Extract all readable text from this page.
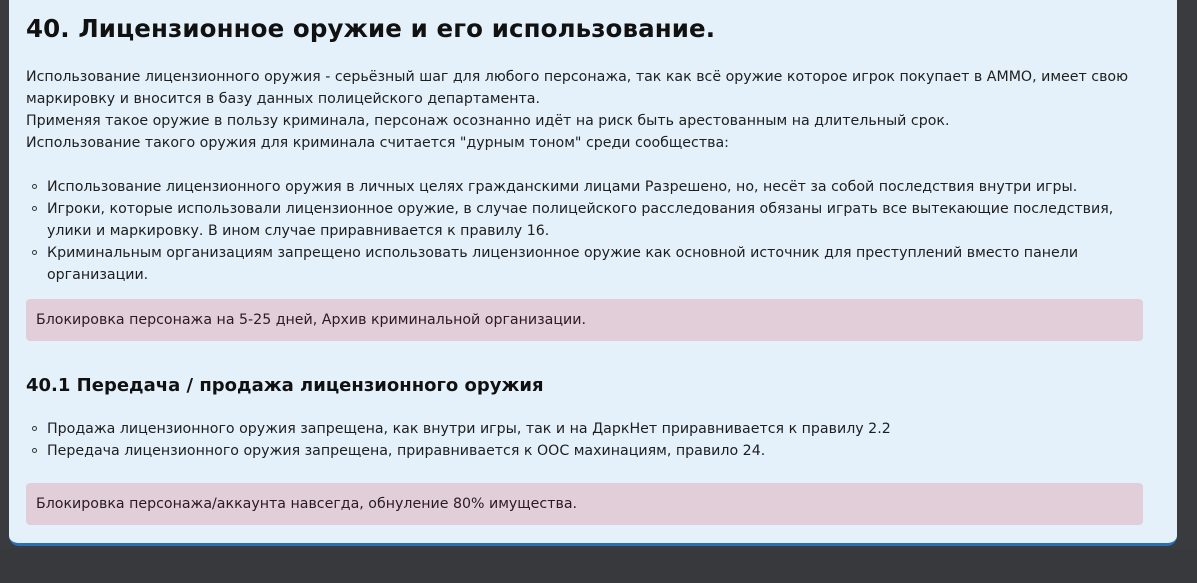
40. Лицензионное оружие и его использование.
Использование лицензионного оружия - серьёзный шаг для любого персонажа, так как всё оружие которое игрок покупает в AMMO, имеет свою маркировку и вносится в базу данных полицейского департамента.
Применяя такое оружие в пользу криминала, персонаж осознанно идёт на риск быть арестованным на длительный срок.
Использование такого оружия для криминала считается "дурным тоном" среди сообщества:
Использование лицензионного оружия в личных целях гражданскими лицами Разрешено, но, несёт за собой последствия внутри игры.
Игроки, которые использовали лицензионное оружие, в случае полицейского расследования обязаны играть все вытекающие последствия, улики и маркировку. В ином случае приравнивается к правилу 16.
Криминальным организациям запрещено использовать лицензионное оружие как основной источник для преступлений вместо панели организации.
Блокировка персонажа на 5-25 дней, Архив криминальной организации.
40.1 Передача / продажа лицензионного оружия
Продажа лицензионного оружия запрещена, как внутри игры, так и на ДаркНет приравнивается к правилу 2.2
Передача лицензионного оружия запрещена, приравнивается к OOC махинациям, правило 24.
Блокировка персонажа/аккаунта навсегда, обнуление 80% имущества.
